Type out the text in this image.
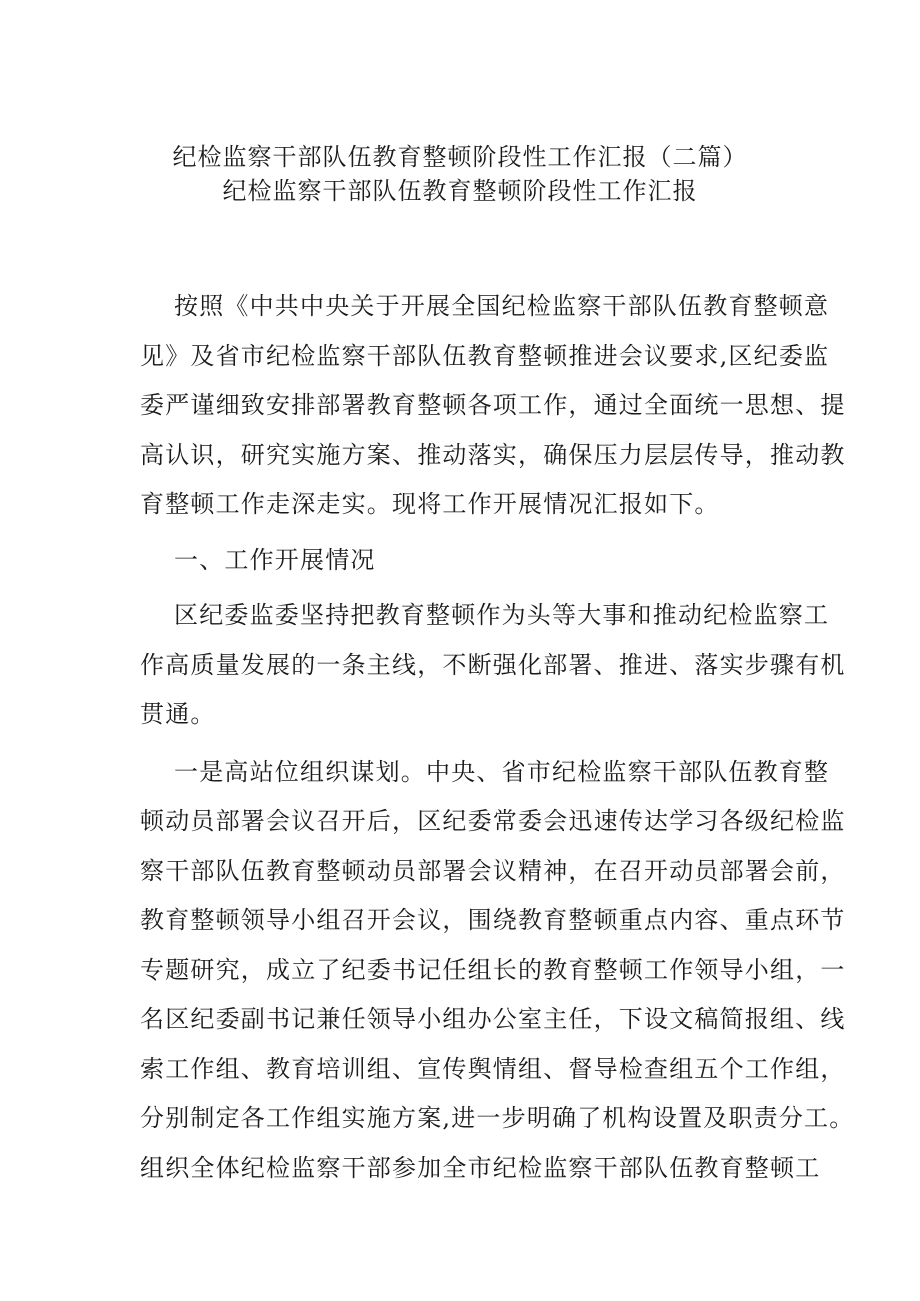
纪检监察干部队伍教育整顿阶段性工作汇报（二篇）
纪检监察干部队伍教育整顿阶段性工作汇报
按照《中共中央关于开展全国纪检监察干部队伍教育整顿意
见》及省市纪检监察干部队伍教育整顿推进会议要求,区纪委监
委严谨细致安排部署教育整顿各项工作，通过全面统一思想、提
高认识，研究实施方案、推动落实，确保压力层层传导，推动教
育整顿工作走深走实。现将工作开展情况汇报如下。
一、工作开展情况
区纪委监委坚持把教育整顿作为头等大事和推动纪检监察工
作高质量发展的一条主线，不断强化部署、推进、落实步骤有机
贯通。
一是高站位组织谋划。中央、省市纪检监察干部队伍教育整
顿动员部署会议召开后，区纪委常委会迅速传达学习各级纪检监
察干部队伍教育整顿动员部署会议精神，在召开动员部署会前，
教育整顿领导小组召开会议，围绕教育整顿重点内容、重点环节
专题研究，成立了纪委书记任组长的教育整顿工作领导小组，一
名区纪委副书记兼任领导小组办公室主任，下设文稿简报组、线
索工作组、教育培训组、宣传舆情组、督导检查组五个工作组，
分别制定各工作组实施方案,进一步明确了机构设置及职责分工。
组织全体纪检监察干部参加全市纪检监察干部队伍教育整顿工
